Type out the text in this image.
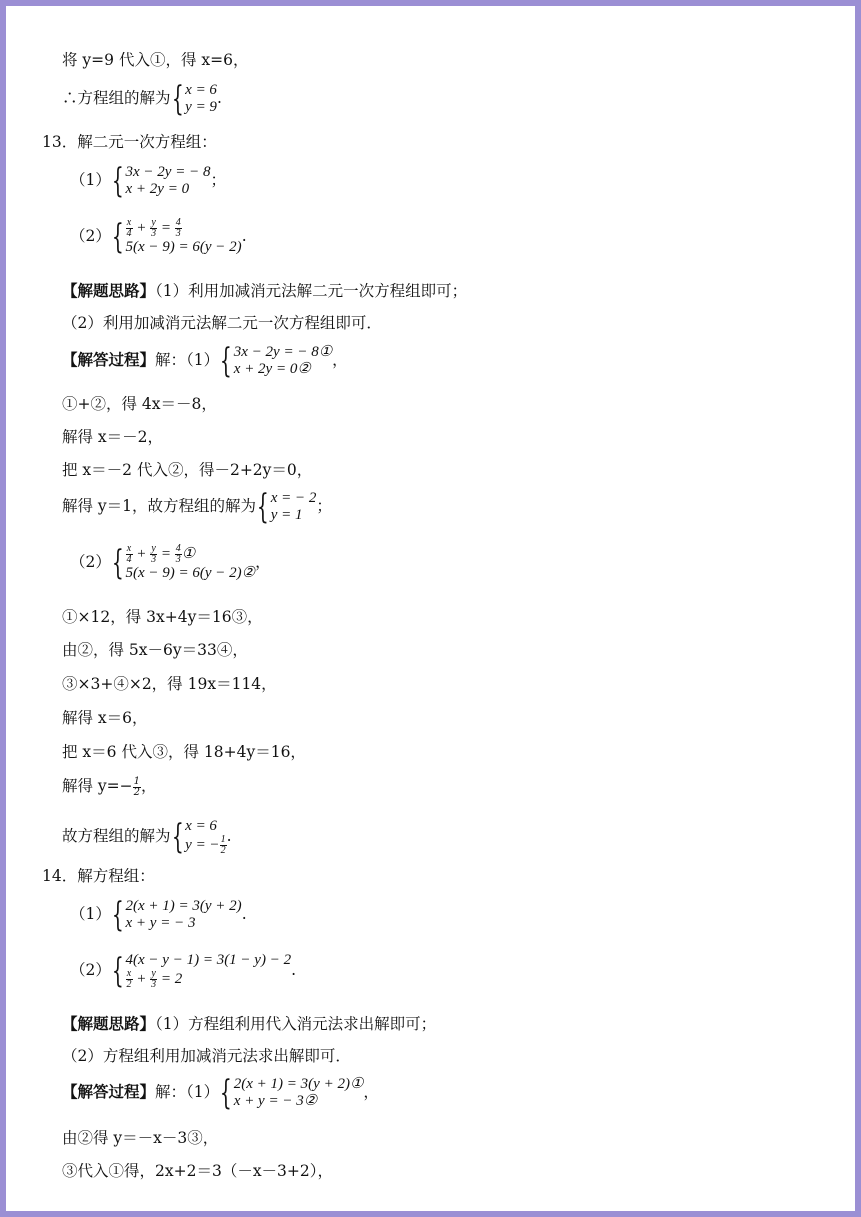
将 y=9 代入①，得 x=6，
∴方程组的解为{ x = 6
y = 9 .
13．解二元一次方程组：
（1）{ 3x − 2y = − 8
x + 2y = 0	；
$(2)\{ \frac{x}{4} + \frac{y}{3} = \frac{4}{3}$
5(x − 9) = 6(y − 2)
.
【解题思路】（1）利用加减消元法解二元一次方程组即可；
（2）利用加减消元法解二元一次方程组即可．
【解答过程】解：（1）{ 3x − 2y = − 8①
x + 2y = 0②	，
①+②，得 4x＝－8，
解得 x＝－2，
把 x＝－2 代入②，得－2+2y＝0，
解得 y＝1，故方程组的解为{ x = − 2
y = 1 ；
$(2)\{ \frac{x}{4} + \frac{y}{3} = \frac{4}{3}$ ①
5(x − 9) = 6(y − 2)②
，
①×12，得 3x+4y＝16③，
由②，得 5x－6y＝33④，
③×3+④×2，得 19x＝114，
解得 x＝6，
把 x＝6 代入③，得 18+4y＝16，
解得 $y=- \frac{1}{2}$ ，
故方程组的解为{ x = 6
y = − $\frac{1}{2}$ .
14．解方程组：
（1）{ 2(x + 1) = 3(y + 2)
x + y = − 3	.
（2）{ 4(x − y − 1) = 3(1 − y) − 2
$\frac{x}{2} + \frac{y}{3} = 2$	.
【解题思路】（1）方程组利用代入消元法求出解即可；
（2）方程组利用加减消元法求出解即可．
【解答过程】解：（1）{ 2(x + 1) = 3(y + 2)①
x + y = − 3②	，
由②得 y＝－x－3③，
③代入①得，2x+2＝3（－x－3+2），
